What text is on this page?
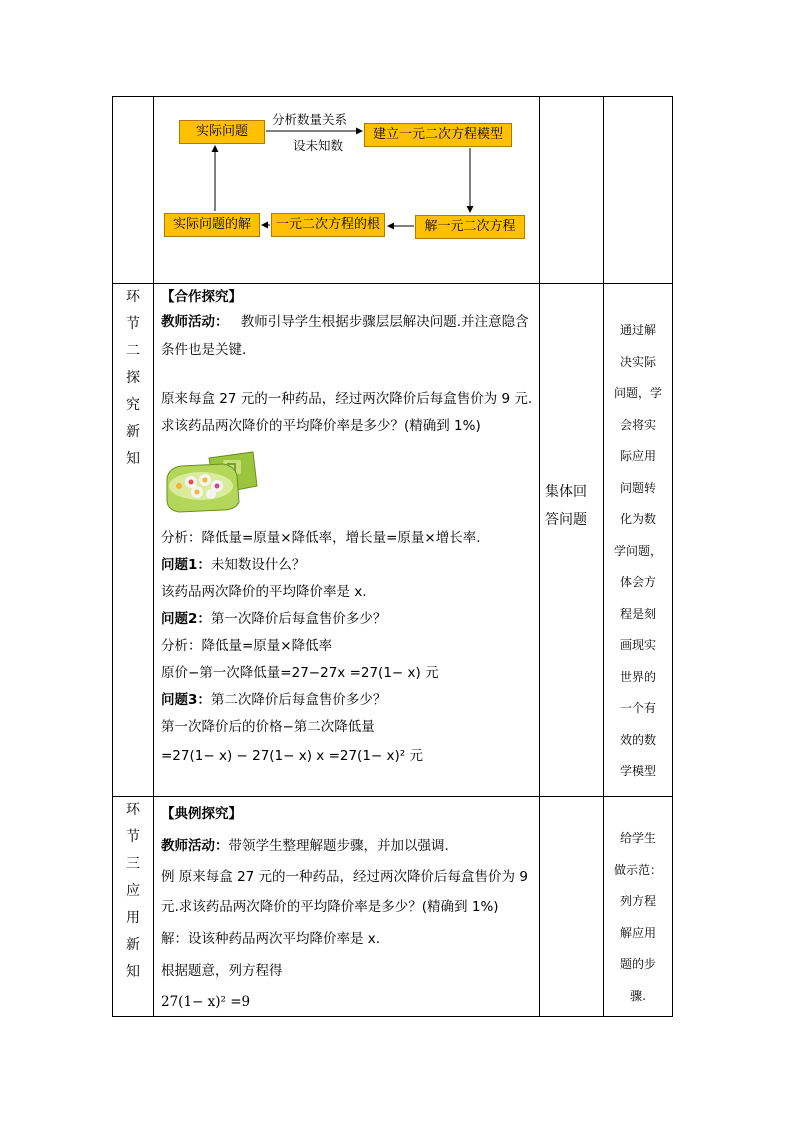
实际问题	建立一元二次方程模型
解一元二次方程
一元二次方程的根
实际问题的解
分析数量关系
设未知数
环
节
二
探
究
新
知
【合作探究】
教师活动： 教师引导学生根据步骤层层解决问题.并注意隐含
条件也是关键.
原来每盒 27 元的一种药品，经过两次降价后每盒售价为 9 元.
求该药品两次降价的平均降价率是多少？(精确到 1%)
分析：降低量=原量×降低率，增长量=原量×增长率.
问题1：未知数设什么？
该药品两次降价的平均降价率是 x.
问题2：第一次降价后每盒售价多少？
分析：降低量=原量×降低率
原价−第一次降低量=27−27x =27(1− x) 元
问题3：第二次降价后每盒售价多少？
第一次降价后的价格−第二次降低量
=27(1− x) − 27(1− x) x =27(1− x)² 元
集体回
答问题
通过解
决实际
问题，学
会将实
际应用
问题转
化为数
学问题，
体会方
程是刻
画现实
世界的
一个有
效的数
学模型
环
节
三
应
用
新
知
【典例探究】
教师活动：带领学生整理解题步骤，并加以强调.
例 原来每盒 27 元的一种药品，经过两次降价后每盒售价为 9
元.求该药品两次降价的平均降价率是多少？(精确到 1%)
解：设该种药品两次平均降价率是 x.
根据题意，列方程得
27(1− x)² =9
给学生
做示范：
列方程
解应用
题的步
骤.
